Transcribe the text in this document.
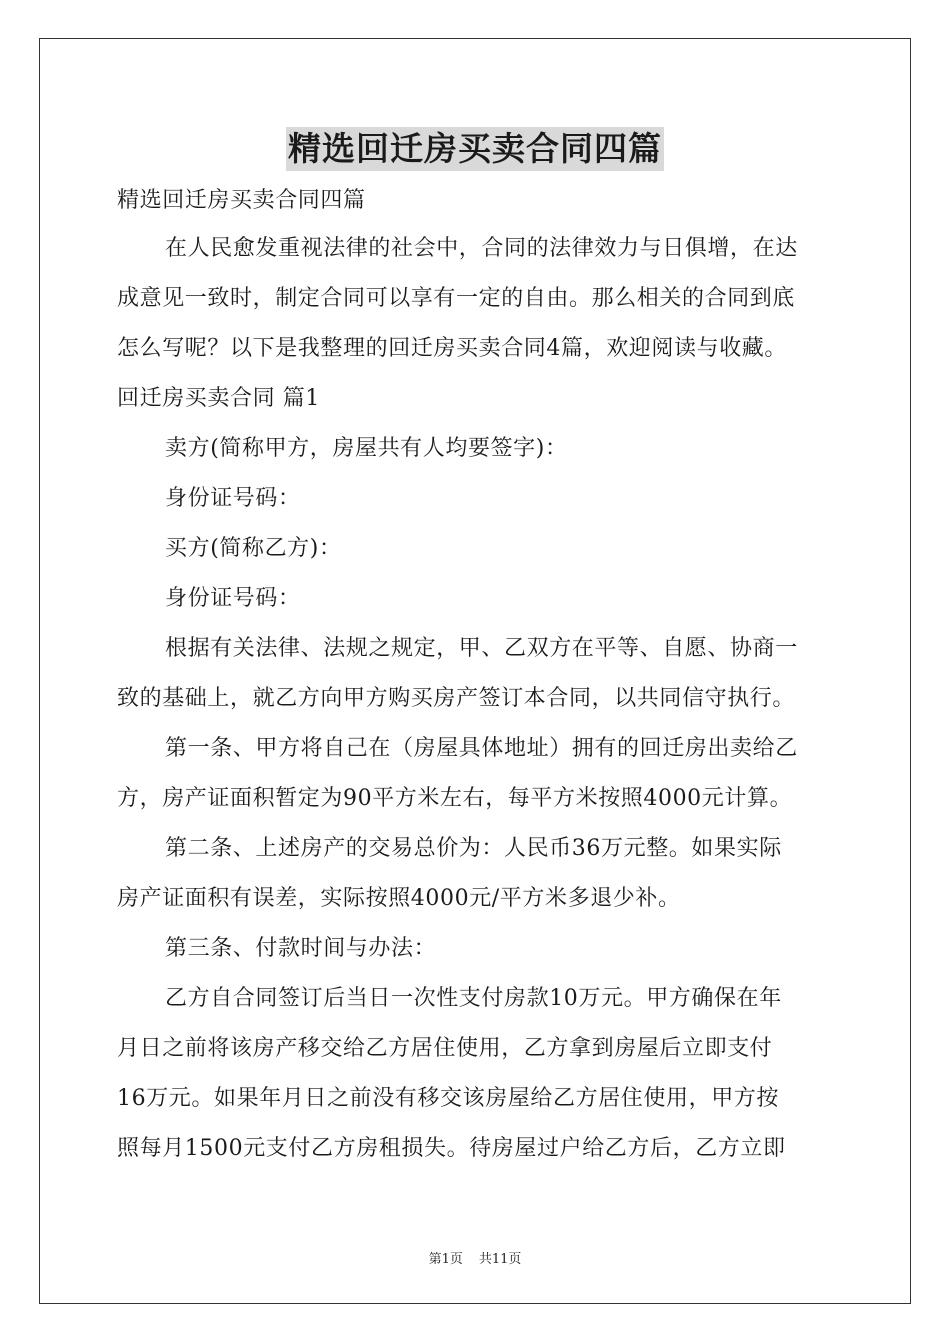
精选回迁房买卖合同四篇
精选回迁房买卖合同四篇
在人民愈发重视法律的社会中，合同的法律效力与日俱增，在达
成意见一致时，制定合同可以享有一定的自由。那么相关的合同到底
怎么写呢？以下是我整理的回迁房买卖合同4篇，欢迎阅读与收藏。
回迁房买卖合同 篇1
卖方(简称甲方，房屋共有人均要签字)：
身份证号码：
买方(简称乙方)：
身份证号码：
根据有关法律、法规之规定，甲、乙双方在平等、自愿、协商一
致的基础上，就乙方向甲方购买房产签订本合同，以共同信守执行。
第一条、甲方将自己在（房屋具体地址）拥有的回迁房出卖给乙
方，房产证面积暂定为90平方米左右，每平方米按照4000元计算。
第二条、上述房产的交易总价为：人民币36万元整。如果实际
房产证面积有误差，实际按照4000元/平方米多退少补。
第三条、付款时间与办法：
乙方自合同签订后当日一次性支付房款10万元。甲方确保在年
月日之前将该房产移交给乙方居住使用，乙方拿到房屋后立即支付
16万元。如果年月日之前没有移交该房屋给乙方居住使用，甲方按
照每月1500元支付乙方房租损失。待房屋过户给乙方后，乙方立即
第1页 共11页
